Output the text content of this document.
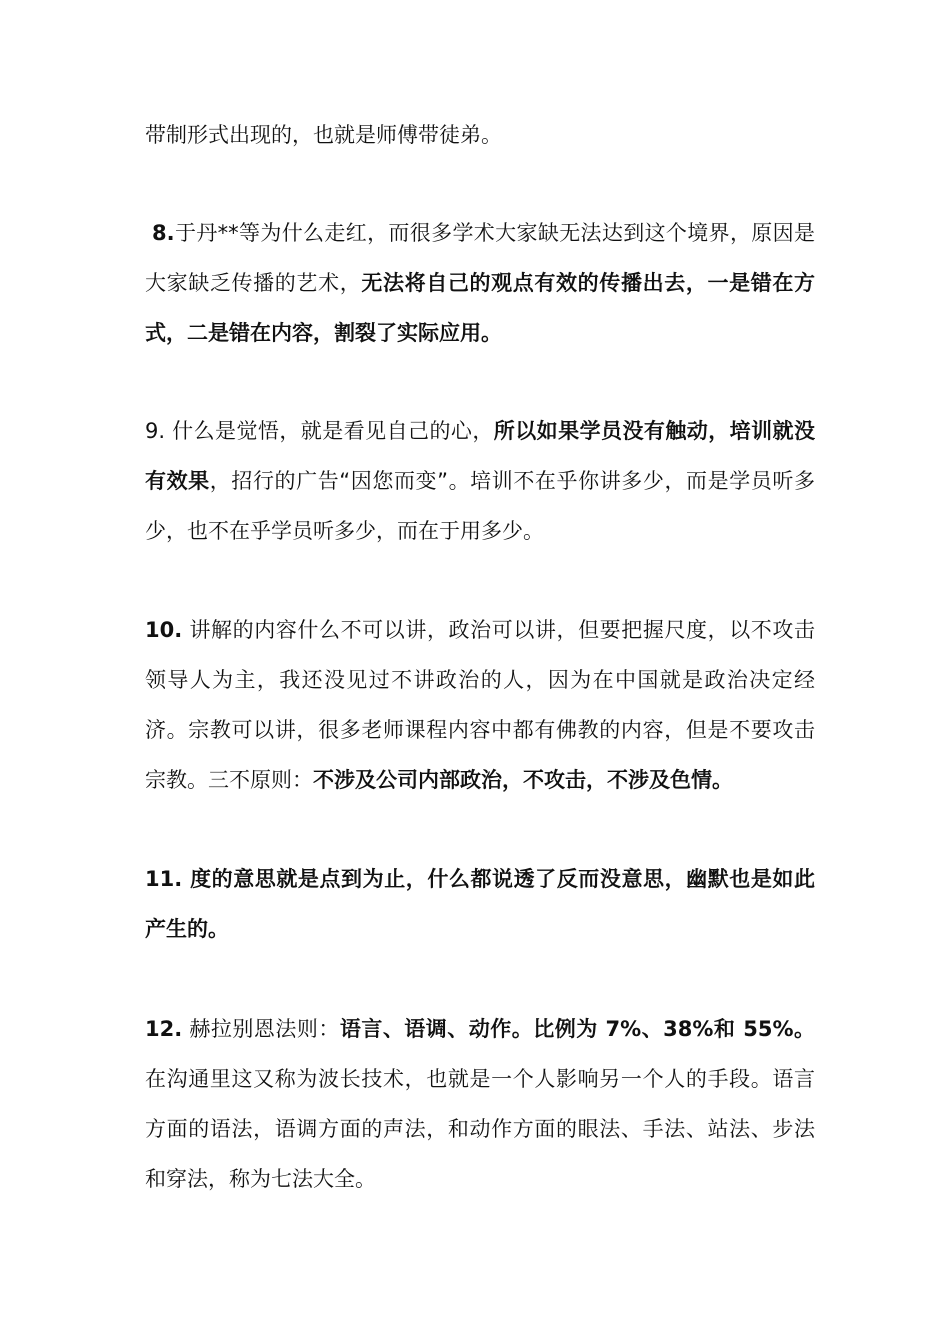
带制形式出现的，也就是师傅带徒弟。

8.于丹**等为什么走红，而很多学术大家缺无法达到这个境界，原因是大家缺乏传播的艺术，无法将自己的观点有效的传播出去，一是错在方式，二是错在内容，割裂了实际应用。

9. 什么是觉悟，就是看见自己的心，所以如果学员没有触动，培训就没有效果，招行的广告“因您而变”。培训不在乎你讲多少，而是学员听多少，也不在乎学员听多少，而在于用多少。

10. 讲解的内容什么不可以讲，政治可以讲，但要把握尺度，以不攻击领导人为主，我还没见过不讲政治的人，因为在中国就是政治决定经济。宗教可以讲，很多老师课程内容中都有佛教的内容，但是不要攻击宗教。三不原则：不涉及公司内部政治，不攻击，不涉及色情。

11. 度的意思就是点到为止，什么都说透了反而没意思，幽默也是如此产生的。

12. 赫拉别恩法则：语言、语调、动作。比例为 7%、38%和 55%。在沟通里这又称为波长技术，也就是一个人影响另一个人的手段。语言方面的语法，语调方面的声法，和动作方面的眼法、手法、站法、步法和穿法，称为七法大全。
